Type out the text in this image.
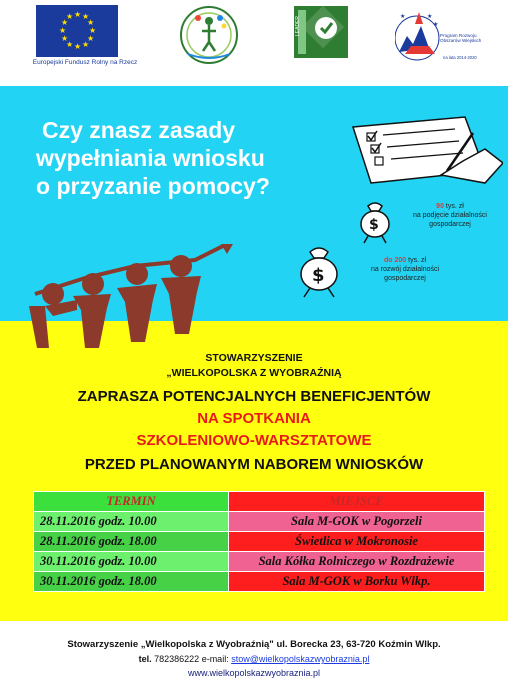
★ ★
★
★
★
★
★
★
★
★
★
★
Europejski Fundusz Rolny na Rzecz
LEADER	★	★
★
Program Rozwoju Obszarów Wiejskich
na lata 2014-2020
Czy znasz zasady
wypełniania wniosku
o przyzanie pomocy?
$
90 tys. zł
na podjęcie działalności
gospodarczej
$
do 200 tys. zł
na rozwój działalności
gospodarczej
STOWARZYSZENIE
„WIELKOPOLSKA Z WYOBRAŹNIĄ
ZAPRASZA POTENCJALNYCH BENEFICJENTÓW
NA SPOTKANIA
SZKOLENIOWO-WARSZTATOWE
PRZED PLANOWANYM NABOREM WNIOSKÓW
TERMIN	MIEJSCE
28.11.2016 godz. 10.00	Sala M-GOK w Pogorzeli
28.11.2016 godz. 18.00	Świetlica w Mokronosie
30.11.2016 godz. 10.00	Sala Kółka Rolniczego w Rozdrażewie
30.11.2016 godz. 18.00	Sala M-GOK w Borku Wlkp.
Stowarzyszenie „Wielkopolska z Wyobraźnią" ul. Borecka 23, 63-720 Koźmin Wlkp.
tel. 782386222 e-mail: stow@wielkopolskazwyobraznia.pl
www.wielkopolskazwyobraznia.pl
